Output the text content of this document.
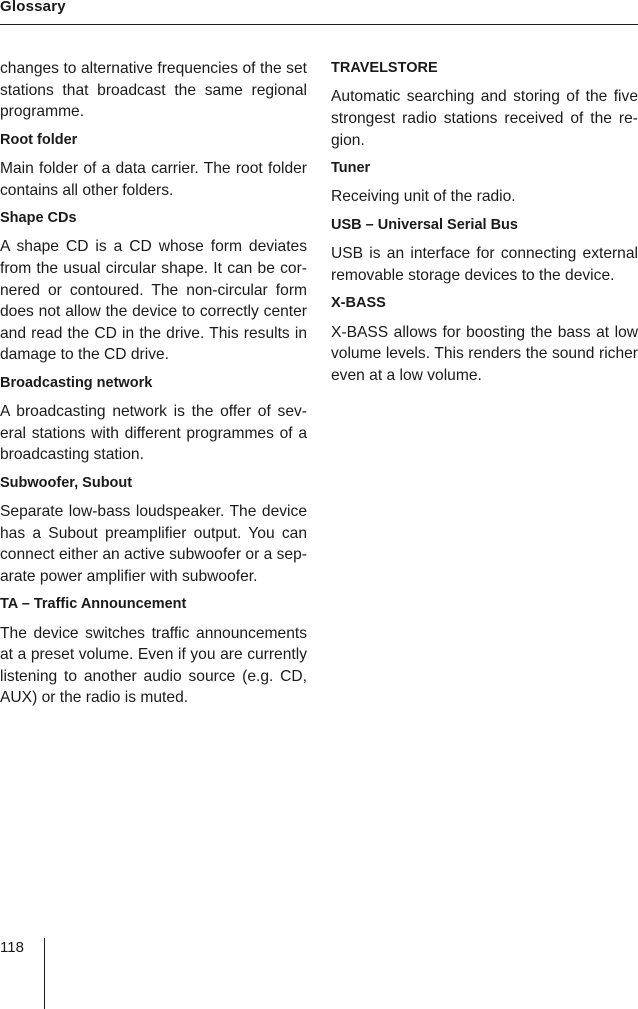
Glossary

changes to alternative frequencies of the set stations that broadcast the same regional programme.

Root folder

Main folder of a data carrier. The root folder contains all other folders.

Shape CDs

A shape CD is a CD whose form deviates from the usual circular shape. It can be cornered or contoured. The non-circular form does not allow the device to correctly center and read the CD in the drive. This results in damage to the CD drive.

Broadcasting network

A broadcasting network is the offer of several stations with different programmes of a broadcasting station.

Subwoofer, Subout

Separate low-bass loudspeaker. The device has a Subout preamplifier output. You can connect either an active subwoofer or a separate power amplifier with subwoofer.

TA – Traffic Announcement

The device switches traffic announcements at a preset volume. Even if you are currently listening to another audio source (e.g. CD, AUX) or the radio is muted.

TRAVELSTORE

Automatic searching and storing of the five strongest radio stations received of the region.

Tuner

Receiving unit of the radio.

USB – Universal Serial Bus

USB is an interface for connecting external removable storage devices to the device.

X-BASS

X-BASS allows for boosting the bass at low volume levels. This renders the sound richer even at a low volume.

118
